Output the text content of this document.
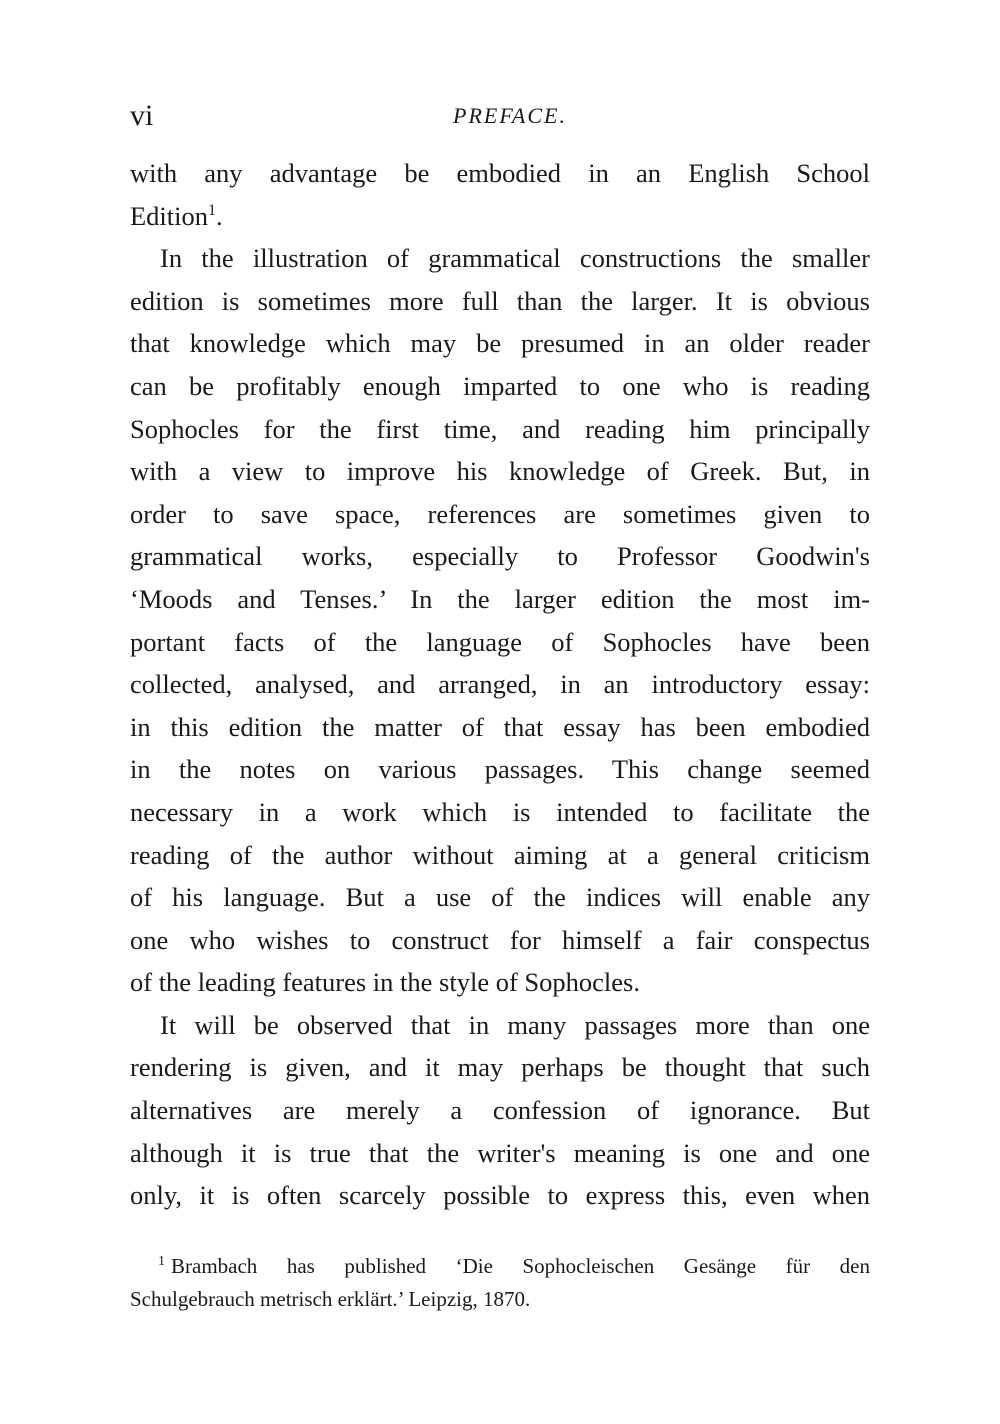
vi	PREFACE.
with any advantage be embodied in an English School
Edition$^1$.
In the illustration of grammatical constructions the smaller
edition is sometimes more full than the larger. It is obvious
that knowledge which may be presumed in an older reader
can be profitably enough imparted to one who is reading
Sophocles for the first time, and reading him principally
with a view to improve his knowledge of Greek. But, in
order to save space, references are sometimes given to
grammatical works, especially to Professor Goodwin's
‘Moods and Tenses.’ In the larger edition the most im-
portant facts of the language of Sophocles have been
collected, analysed, and arranged, in an introductory essay:
in this edition the matter of that essay has been embodied
in the notes on various passages. This change seemed
necessary in a work which is intended to facilitate the
reading of the author without aiming at a general criticism
of his language. But a use of the indices will enable any
one who wishes to construct for himself a fair conspectus
of the leading features in the style of Sophocles.
It will be observed that in many passages more than one
rendering is given, and it may perhaps be thought that such
alternatives are merely a confession of ignorance. But
although it is true that the writer's meaning is one and one
only, it is often scarcely possible to express this, even when
$^1$ Brambach has published ‘Die Sophocleischen Gesänge für den
Schulgebrauch metrisch erklärt.’ Leipzig, 1870.
